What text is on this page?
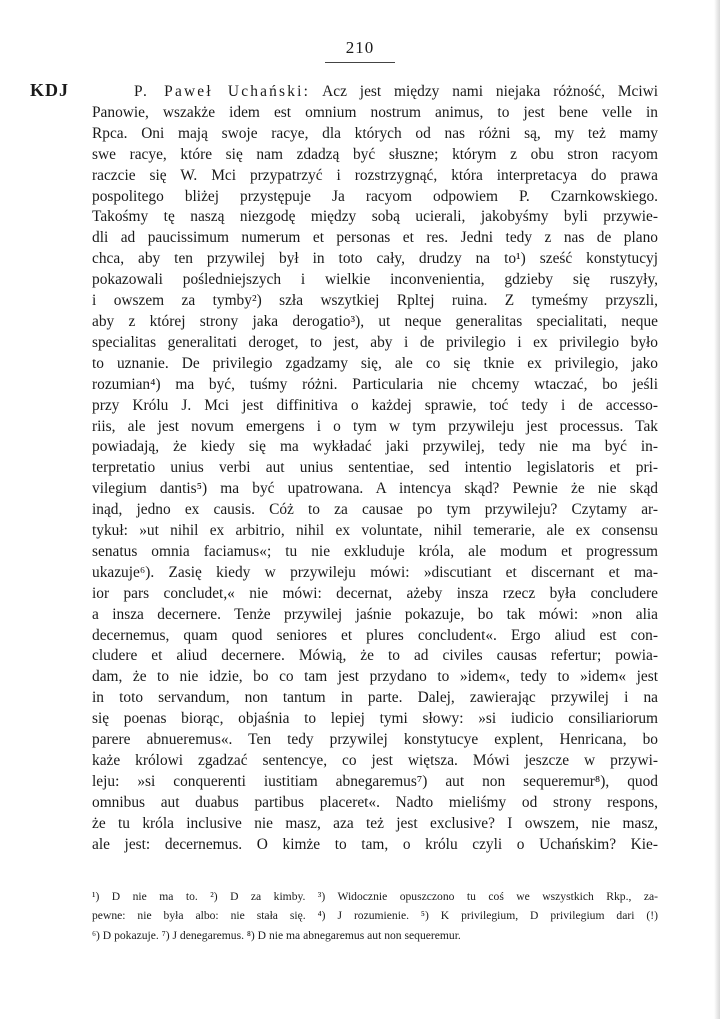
210
KDJ	P. Paweł Uchański: Acz jest między nami niejaka różność, Mciwi
Panowie, wszakże idem est omnium nostrum animus, to jest bene velle in
Rpca. Oni mają swoje racye, dla których od nas różni są, my też mamy
swe racye, które się nam zdadzą być słuszne; którym z obu stron racyom
raczcie się W. Mci przypatrzyć i rozstrzygnąć, która interpretacya do prawa
pospolitego bliżej przystępuje Ja racyom odpowiem P. Czarnkowskiego.
Takośmy tę naszą niezgodę między sobą ucierali, jakobyśmy byli przywie-
dli ad paucissimum numerum et personas et res. Jedni tedy z nas de plano
chca, aby ten przywilej był in toto cały, drudzy na to¹) sześć konstytucyj
pokazowali pośledniejszych i wielkie inconvenientia, gdzieby się ruszyły,
i owszem za tymby²) szła wszytkiej Rpltej ruina. Z tymeśmy przyszli,
aby z której strony jaka derogatio³), ut neque generalitas specialitati, neque
specialitas generalitati deroget, to jest, aby i de privilegio i ex privilegio było
to uznanie. De privilegio zgadzamy się, ale co się tknie ex privilegio, jako
rozumian⁴) ma być, tuśmy różni. Particularia nie chcemy wtaczać, bo jeśli
przy Królu J. Mci jest diffinitiva o każdej sprawie, toć tedy i de accesso-
riis, ale jest novum emergens i o tym w tym przywileju jest processus. Tak
powiadają, że kiedy się ma wykładać jaki przywilej, tedy nie ma być in-
terpretatio unius verbi aut unius sententiae, sed intentio legislatoris et pri-
vilegium dantis⁵) ma być upatrowana. A intencya skąd? Pewnie że nie skąd
inąd, jedno ex causis. Cóż to za causae po tym przywileju? Czytamy ar-
tykuł: »ut nihil ex arbitrio, nihil ex voluntate, nihil temerarie, ale ex consensu
senatus omnia faciamus«; tu nie exkluduje króla, ale modum et progressum
ukazuje⁶). Zasię kiedy w przywileju mówi: »discutiant et discernant et ma-
ior pars concludet,« nie mówi: decernat, ażeby insza rzecz była concludere
a insza decernere. Tenże przywilej jaśnie pokazuje, bo tak mówi: »non alia
decernemus, quam quod seniores et plures concludent«. Ergo aliud est con-
cludere et aliud decernere. Mówią, że to ad civiles causas refertur; powia-
dam, że to nie idzie, bo co tam jest przydano to »idem«, tedy to »idem« jest
in toto servandum, non tantum in parte. Dalej, zawierając przywilej i na
się poenas biorąc, objaśnia to lepiej tymi słowy: »si iudicio consiliariorum
parere abnueremus«. Ten tedy przywilej konstytucye explent, Henricana, bo
każe królowi zgadzać sentencye, co jest więtsza. Mówi jeszcze w przywi-
leju: »si conquerenti iustitiam abnegaremus⁷) aut non sequeremur⁸), quod
omnibus aut duabus partibus placeret«. Nadto mieliśmy od strony respons,
że tu króla inclusive nie masz, aza też jest exclusive? I owszem, nie masz,
ale jest: decernemus. O kimże to tam, o królu czyli o Uchańskim? Kie-
¹) D nie ma to. ²) D za kimby. ³) Widocznie opuszczono tu coś we wszystkich Rkp., za-
pewne: nie była albo: nie stała się. ⁴) J rozumienie. ⁵) K privilegium, D privilegium dari (!)
⁶) D pokazuje. ⁷) J denegaremus. ⁸) D nie ma abnegaremus aut non sequeremur.
